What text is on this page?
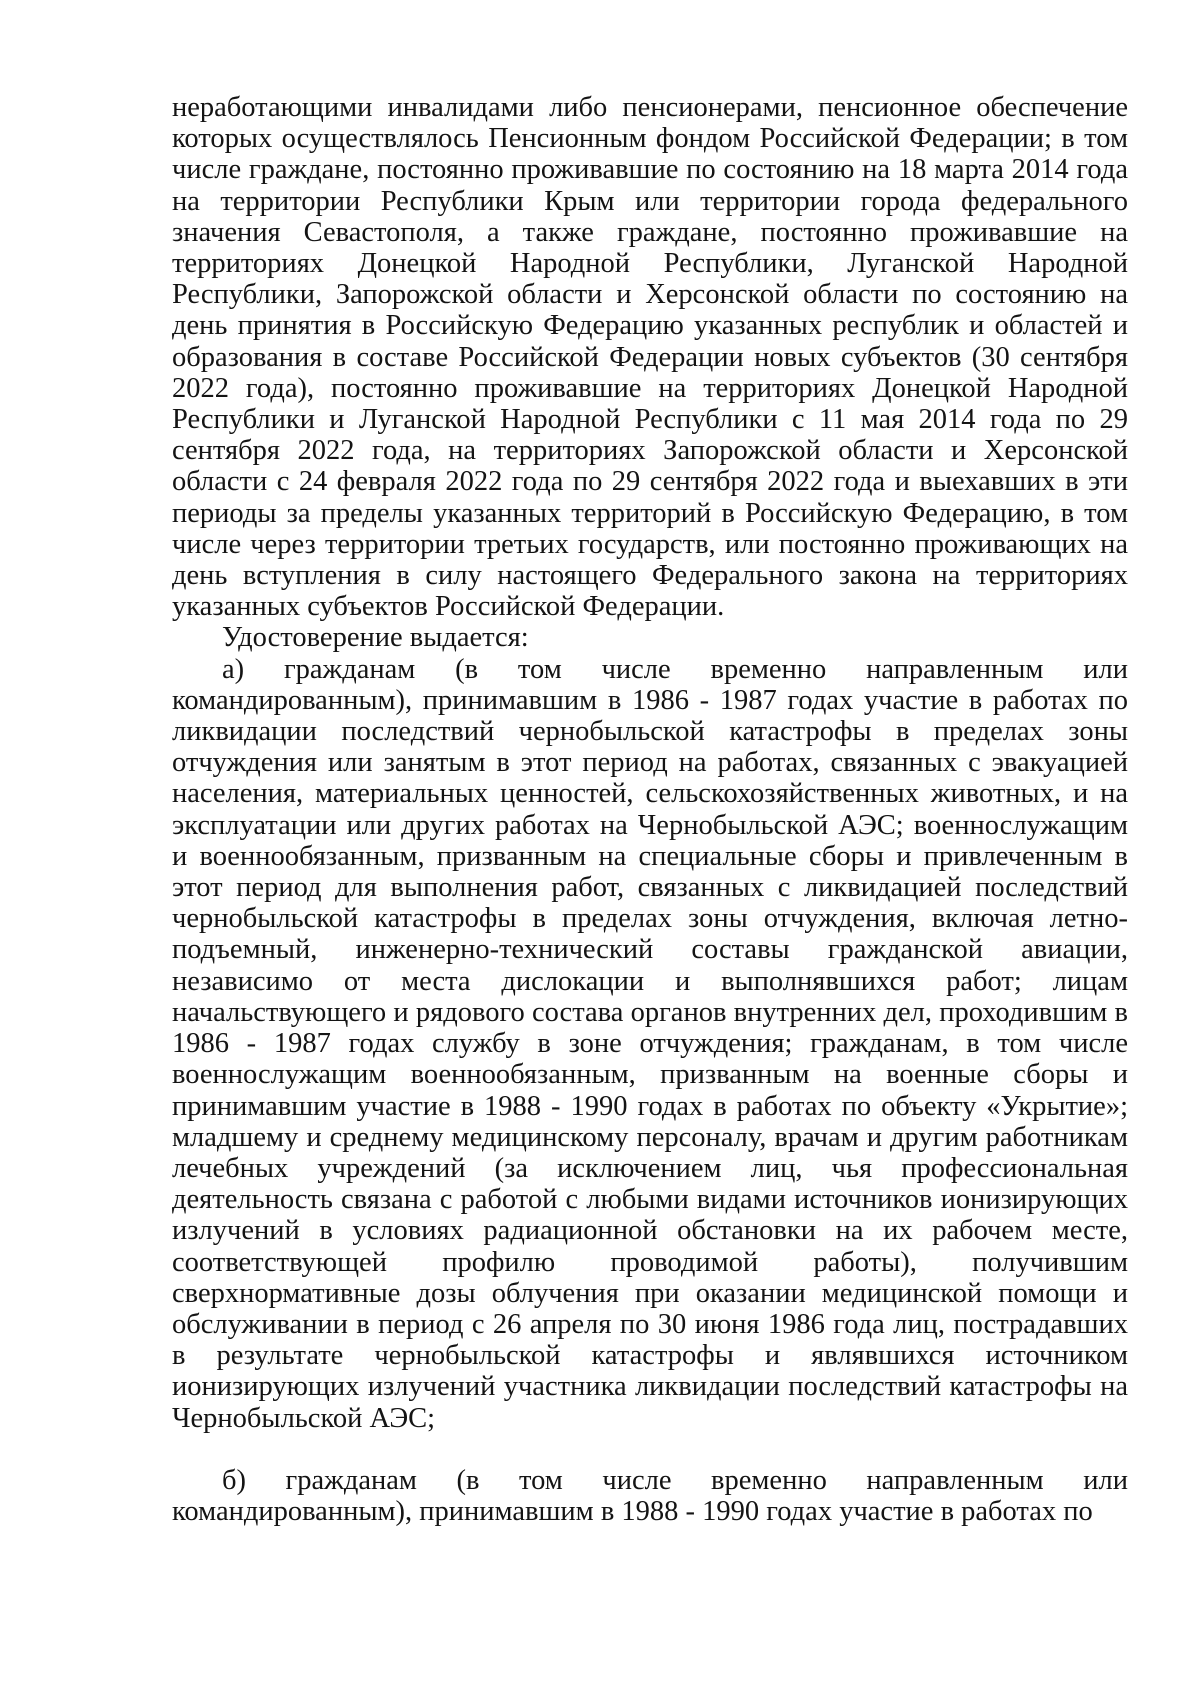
неработающими инвалидами либо пенсионерами, пенсионное обеспечение которых осуществлялось Пенсионным фондом Российской Федерации; в том числе граждане, постоянно проживавшие по состоянию на 18 марта 2014 года на территории Республики Крым или территории города федерального значения Севастополя, а также граждане, постоянно проживавшие на территориях Донецкой Народной Республики, Луганской Народной Республики, Запорожской области и Херсонской области по состоянию на день принятия в Российскую Федерацию указанных республик и областей и образования в составе Российской Федерации новых субъектов (30 сентября 2022 года), постоянно проживавшие на территориях Донецкой Народной Республики и Луганской Народной Республики с 11 мая 2014 года по 29 сентября 2022 года, на территориях Запорожской области и Херсонской области с 24 февраля 2022 года по 29 сентября 2022 года и выехавших в эти периоды за пределы указанных территорий в Российскую Федерацию, в том числе через территории третьих государств, или постоянно проживающих на день вступления в силу настоящего Федерального закона на территориях указанных субъектов Российской Федерации.

Удостоверение выдается:

а) гражданам (в том числе временно направленным или командированным), принимавшим в 1986 - 1987 годах участие в работах по ликвидации последствий чернобыльской катастрофы в пределах зоны отчуждения или занятым в этот период на работах, связанных с эвакуацией населения, материальных ценностей, сельскохозяйственных животных, и на эксплуатации или других работах на Чернобыльской АЭС; военнослужащим и военнообязанным, призванным на специальные сборы и привлеченным в этот период для выполнения работ, связанных с ликвидацией последствий чернобыльской катастрофы в пределах зоны отчуждения, включая летно-подъемный, инженерно-технический составы гражданской авиации, независимо от места дислокации и выполнявшихся работ; лицам начальствующего и рядового состава органов внутренних дел, проходившим в 1986 - 1987 годах службу в зоне отчуждения; гражданам, в том числе военнослужащим военнообязанным, призванным на военные сборы и принимавшим участие в 1988 - 1990 годах в работах по объекту «Укрытие»; младшему и среднему медицинскому персоналу, врачам и другим работникам лечебных учреждений (за исключением лиц, чья профессиональная деятельность связана с работой с любыми видами источников ионизирующих излучений в условиях радиационной обстановки на их рабочем месте, соответствующей профилю проводимой работы), получившим сверхнормативные дозы облучения при оказании медицинской помощи и обслуживании в период с 26 апреля по 30 июня 1986 года лиц, пострадавших в результате чернобыльской катастрофы и являвшихся источником ионизирующих излучений участника ликвидации последствий катастрофы на Чернобыльской АЭС;

б) гражданам (в том числе временно направленным или командированным), принимавшим в 1988 - 1990 годах участие в работах по
